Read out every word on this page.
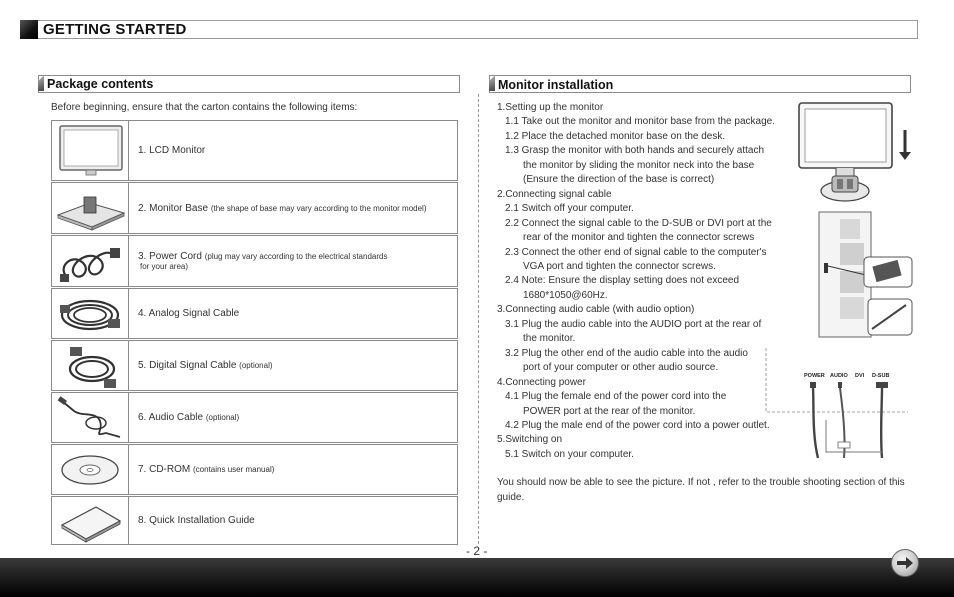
GETTING STARTED
Package contents
Before beginning, ensure that the carton contains the following items:
1. LCD Monitor
2. Monitor Base (the shape of base may vary according to the monitor model)
3. Power Cord (plug may vary according to the electrical standards
for your area)
4. Analog Signal Cable
5. Digital Signal Cable (optional)
6. Audio Cable (optional)
7. CD-ROM (contains user manual)
8. Quick Installation Guide
Monitor installation
1.Setting up the monitor
1.1 Take out the monitor and monitor base from the package.
1.2 Place the detached monitor base on the desk.
1.3 Grasp the monitor with both hands and securely attach
the monitor by sliding the monitor neck into the base
(Ensure the direction of the base is correct)
2.Connecting signal cable
2.1 Switch off your computer.
2.2 Connect the signal cable to the D-SUB or DVI port at the
rear of the monitor and tighten the connector screws
2.3 Connect the other end of signal cable to the computer's
VGA port and tighten the connector screws.
2.4 Note: Ensure the display setting does not exceed
1680*1050@60Hz.
3.Connecting audio cable (with audio option)
3.1 Plug the audio cable into the AUDIO port at the rear of
the monitor.
3.2 Plug the other end of the audio cable into the audio
port of your computer or other audio source.
4.Connecting power
4.1 Plug the female end of the power cord into the
POWER port at the rear of the monitor.
4.2 Plug the male end of the power cord into a power outlet.
5.Switching on
5.1 Switch on your computer.
POWER AUDIO DVI D-SUB
You should now be able to see the picture. If not , refer to the trouble shooting section of this guide.
- 2 -
